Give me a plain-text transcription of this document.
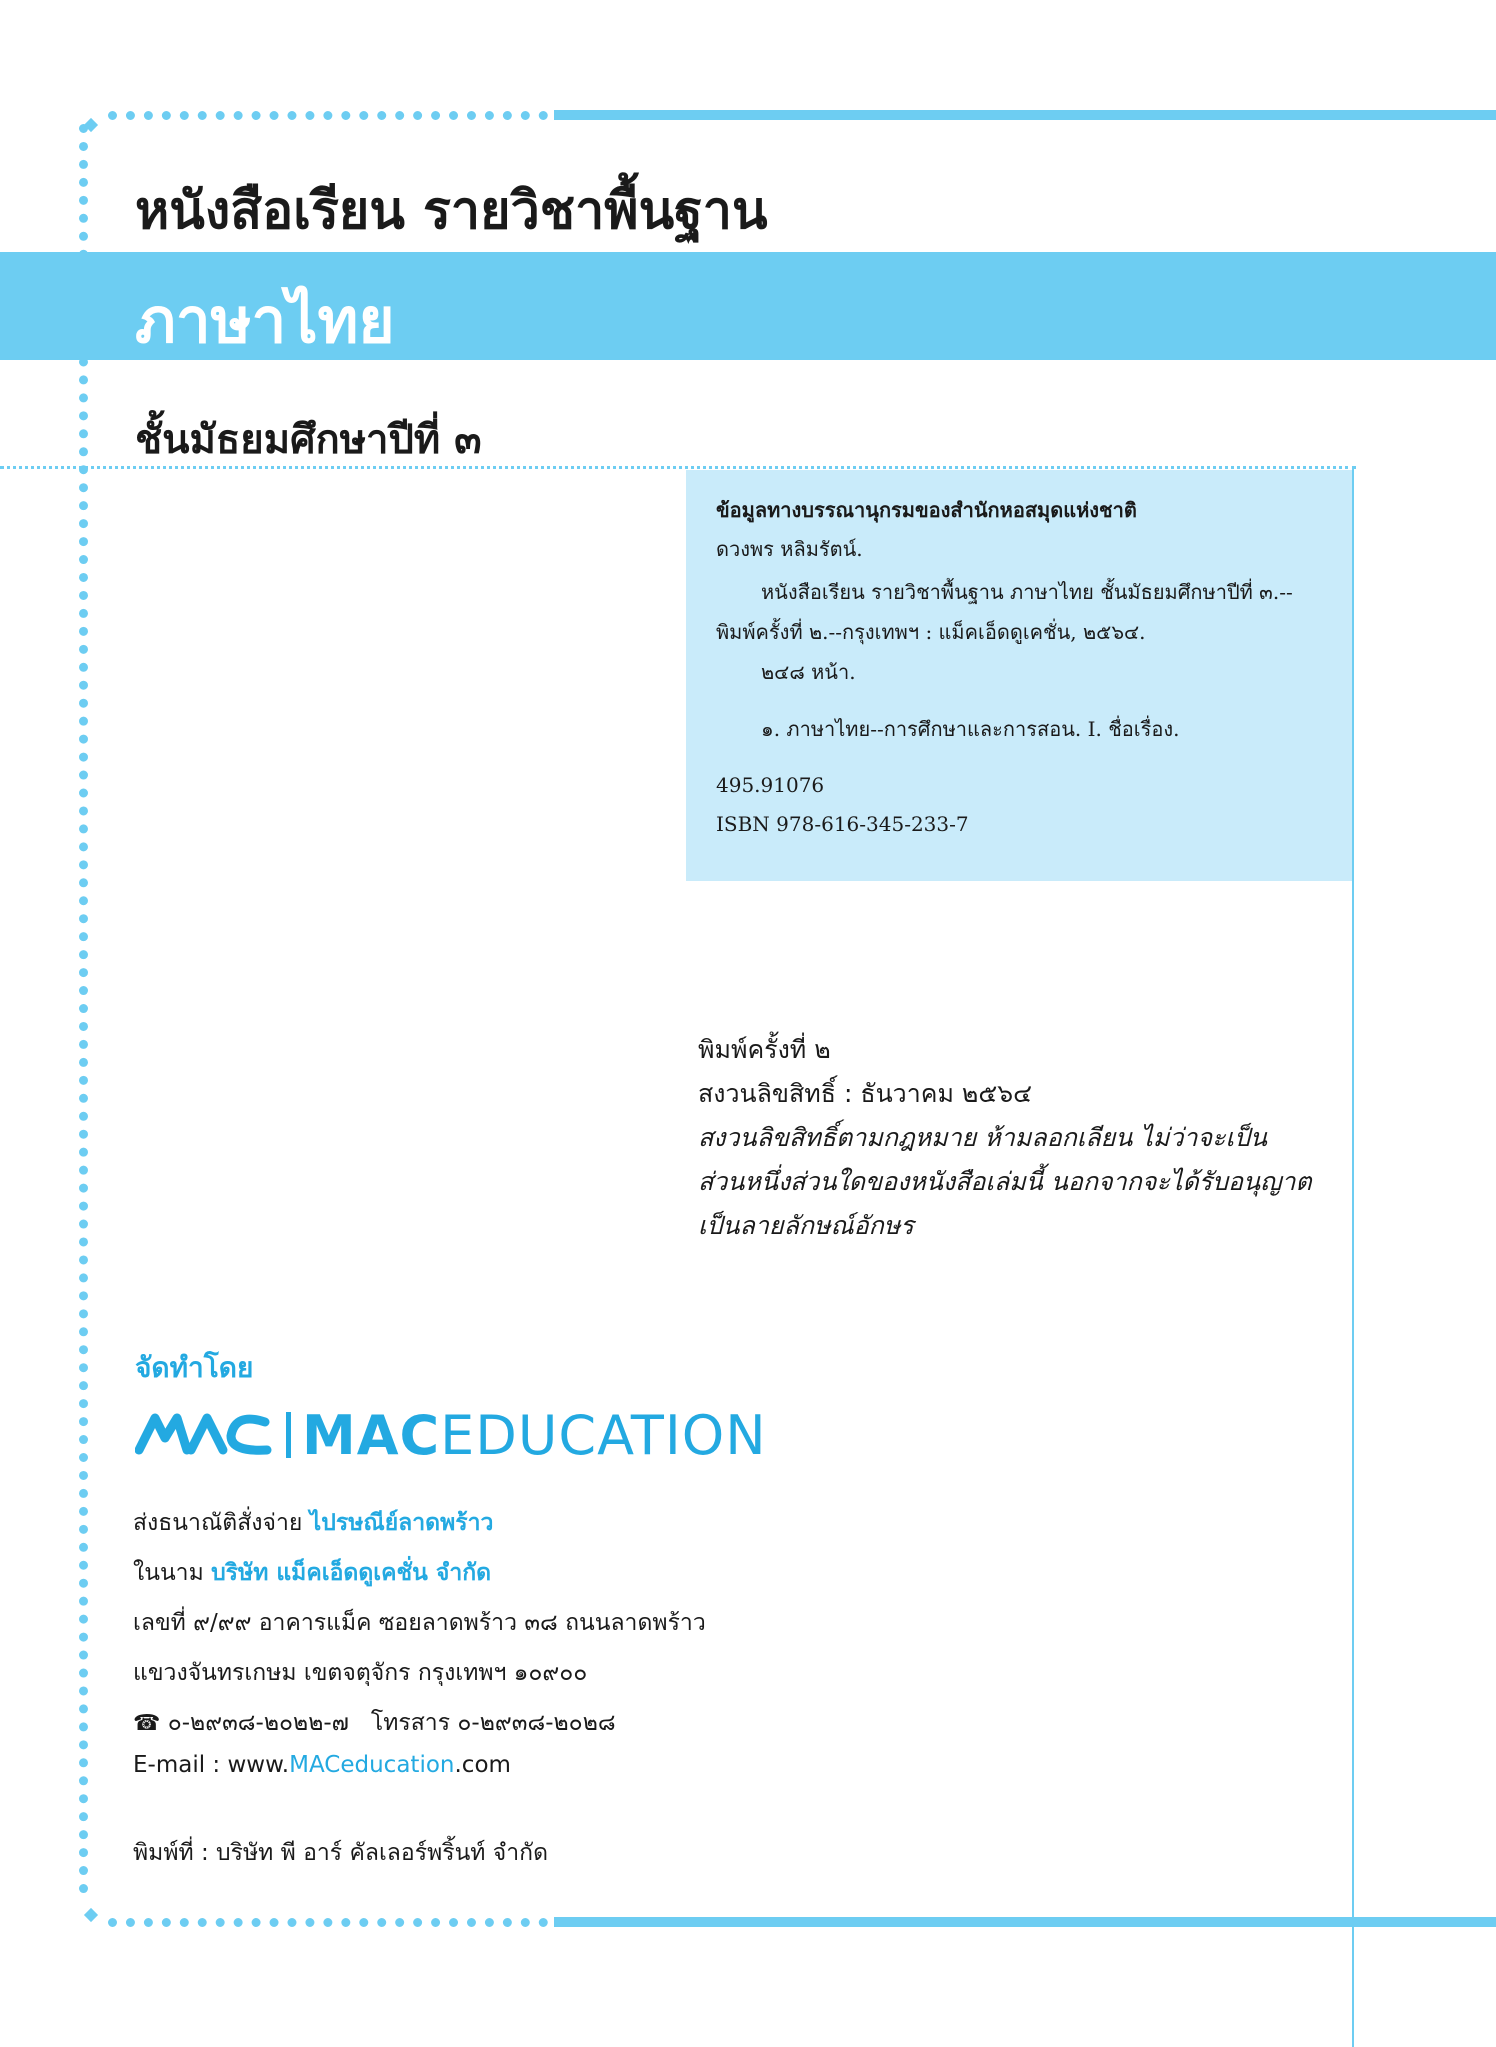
หนังสือเรียน รายวิชาพื้นฐาน
ภาษาไทย
ชั้นมัธยมศึกษาปีที่ ๓
ข้อมูลทางบรรณานุกรมของสำนักหอสมุดแห่งชาติ
ดวงพร หลิมรัตน์.
หนังสือเรียน รายวิชาพื้นฐาน ภาษาไทย ชั้นมัธยมศึกษาปีที่ ๓.--
พิมพ์ครั้งที่ ๒.--กรุงเทพฯ : แม็คเอ็ดดูเคชั่น, ๒๕๖๔.
๒๔๘ หน้า.
๑. ภาษาไทย--การศึกษาและการสอน. I. ชื่อเรื่อง.
495.91076
ISBN 978-616-345-233-7
พิมพ์ครั้งที่ ๒
สงวนลิขสิทธิ์ : ธันวาคม ๒๕๖๔
สงวนลิขสิทธิ์ตามกฎหมาย ห้ามลอกเลียน ไม่ว่าจะเป็น
ส่วนหนึ่งส่วนใดของหนังสือเล่มนี้ นอกจากจะได้รับอนุญาต
เป็นลายลักษณ์อักษร
จัดทำโดย
MACEDUCATION
ส่งธนาณัติสั่งจ่าย ไปรษณีย์ลาดพร้าว
ในนาม บริษัท แม็คเอ็ดดูเคชั่น จำกัด
เลขที่ ๙/๙๙ อาคารแม็ค ซอยลาดพร้าว ๓๘ ถนนลาดพร้าว
แขวงจันทรเกษม เขตจตุจักร กรุงเทพฯ ๑๐๙๐๐
☎ ๐-๒๙๓๘-๒๐๒๒-๗ โทรสาร ๐-๒๙๓๘-๒๐๒๘
E-mail : www.MACeducation.com
พิมพ์ที่ : บริษัท พี อาร์ คัลเลอร์พริ้นท์ จำกัด
